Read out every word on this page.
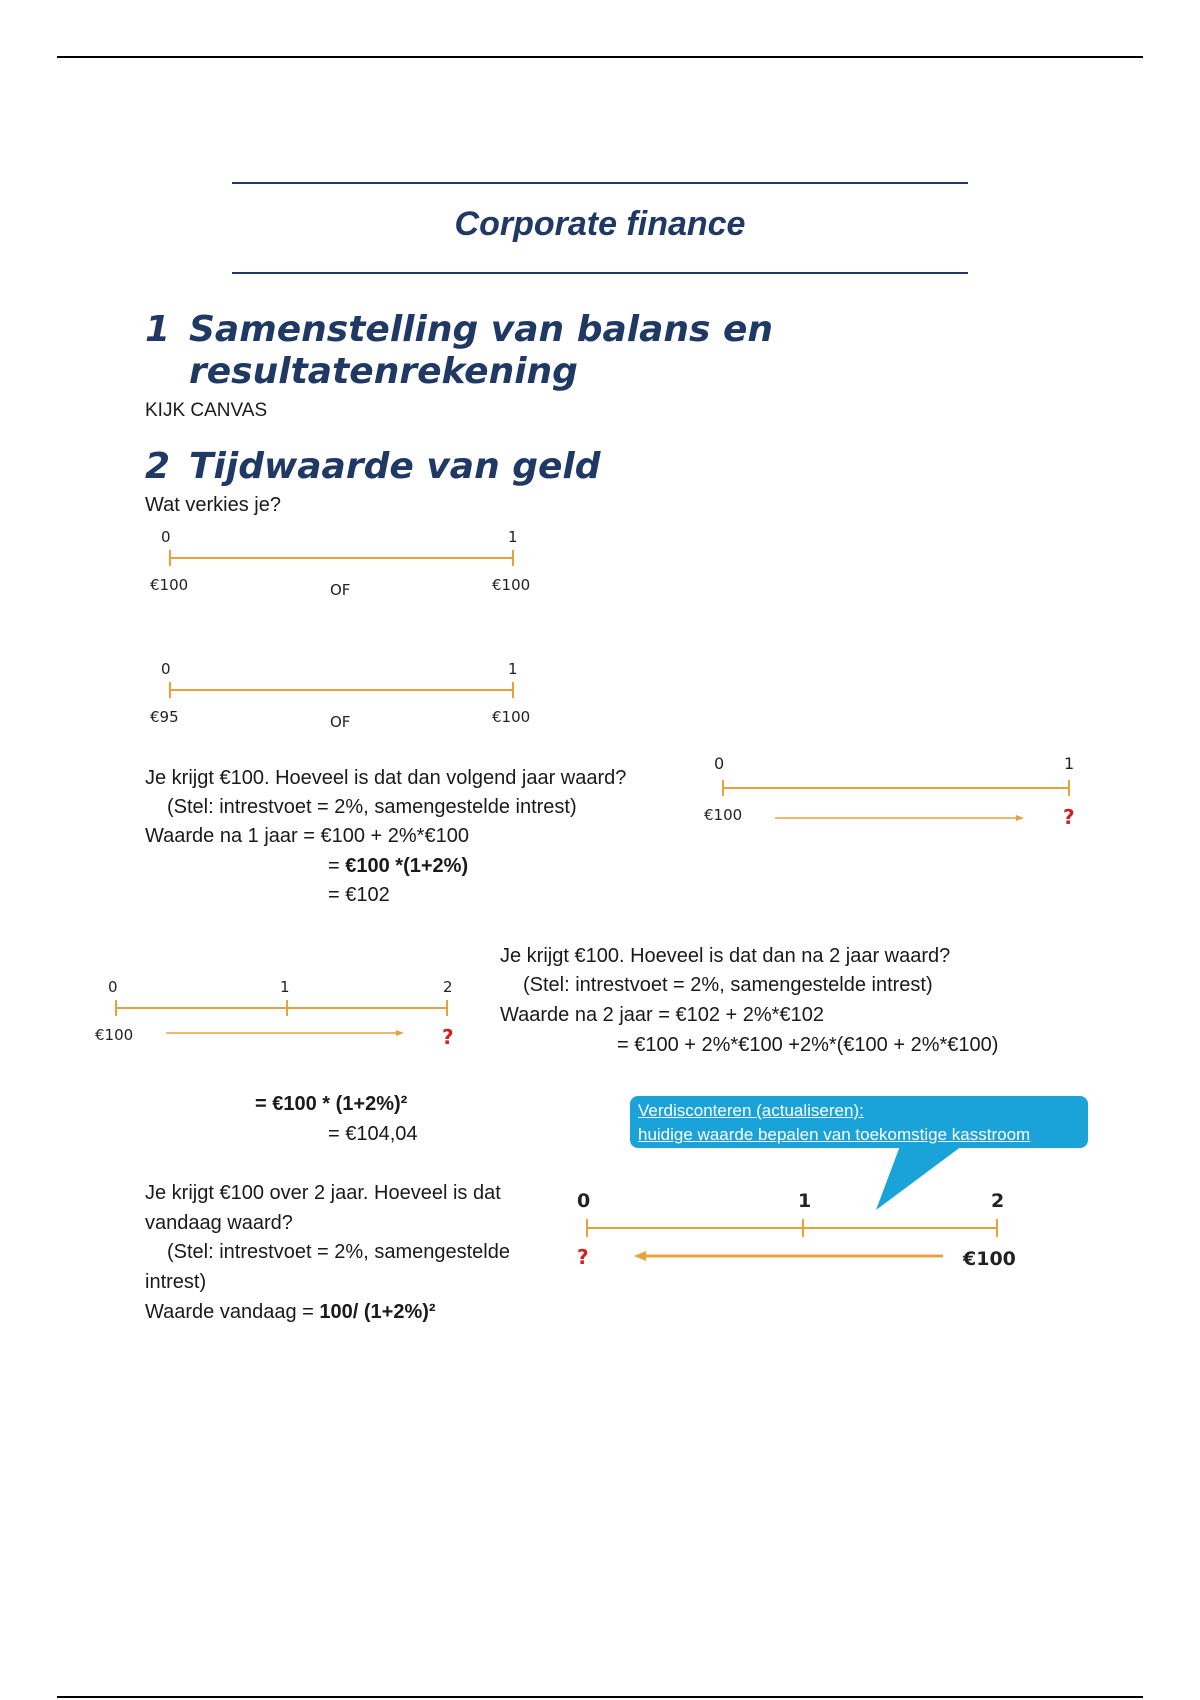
Corporate finance
1 Samenstelling van balans en
resultatenrekening
KIJK CANVAS
2 Tijdwaarde van geld
Wat verkies je?
0	1
€100	OF	€100
0	1
€95	OF	€100
Je krijgt €100. Hoeveel is dat dan volgend jaar waard?
(Stel: intrestvoet = 2%, samengestelde intrest)
Waarde na 1 jaar = €100 + 2%*€100
= €100 *(1+2%)
= €102
0	1
€100	?
0	1	2
€100	?
Je krijgt €100. Hoeveel is dat dan na 2 jaar waard?
(Stel: intrestvoet = 2%, samengestelde intrest)
Waarde na 2 jaar = €102 + 2%*€102
= €100 + 2%*€100 +2%*(€100 + 2%*€100)
= €100 * (1+2%)²
= €104,04
Verdisconteren (actualiseren):
huidige waarde bepalen van toekomstige kasstroom
Je krijgt €100 over 2 jaar. Hoeveel is dat
vandaag waard?
(Stel: intrestvoet = 2%, samengestelde
intrest)
Waarde vandaag = 100/ (1+2%)²
0	1	2
?	€100
